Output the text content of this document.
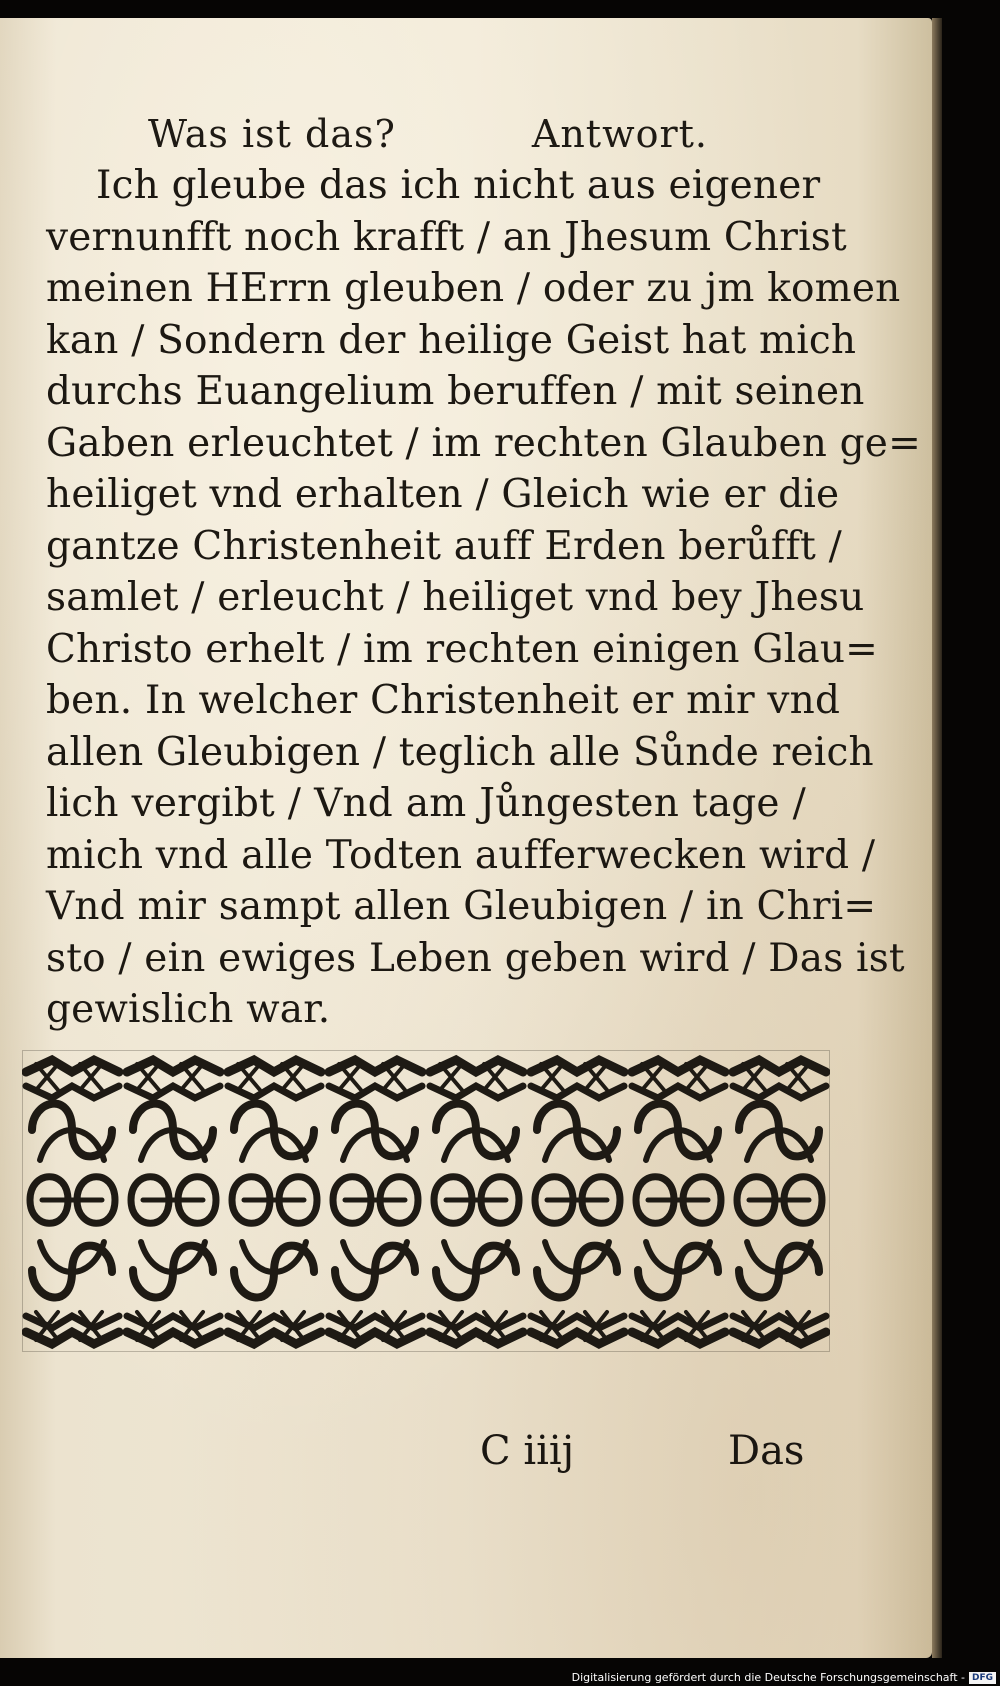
Was ist das?	Antwort.
Ich gleube das ich nicht aus eigener
vernunfft noch krafft / an Jhesum Christ
meinen HErrn gleuben / oder zu jm komen
kan / Sondern der heilige Geist hat mich
durchs Euangelium beruffen / mit seinen
Gaben erleuchtet / im rechten Glauben ge=
heiliget vnd erhalten / Gleich wie er die
gantze Christenheit auff Erden berůfft /
samlet / erleucht / heiliget vnd bey Jhesu
Christo erhelt / im rechten einigen Glau=
ben. In welcher Christenheit er mir vnd
allen Gleubigen / teglich alle Sůnde reich
lich vergibt / Vnd am Jůngesten tage /
mich vnd alle Todten aufferwecken wird /
Vnd mir sampt allen Gleubigen / in Chri=
sto / ein ewiges Leben geben wird / Das ist
gewislich war.
C iiij	Das
Digitalisierung gefördert durch die Deutsche Forschungsgemeinschaft - DFG
